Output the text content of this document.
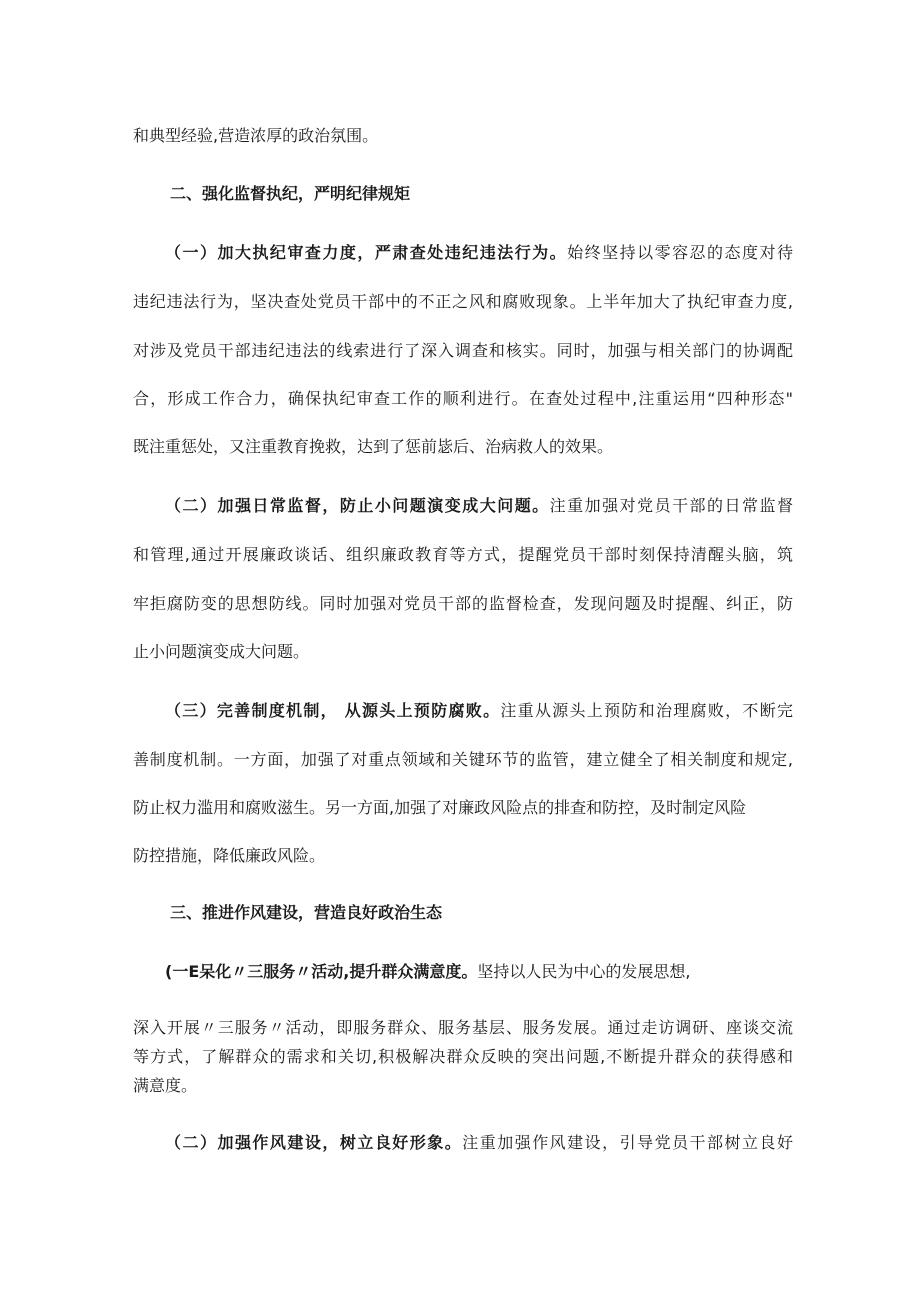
和典型经验,营造浓厚的政治氛围。
二、强化监督执纪，严明纪律规矩
（一）加大执纪审查力度，严肃查处违纪违法行为。始终坚持以零容忍的态度对待
违纪违法行为，坚决查处党员干部中的不正之风和腐败现象。上半年加大了执纪审查力度,
对涉及党员干部违纪违法的线索进行了深入调查和核实。同时，加强与相关部门的协调配
合，形成工作合力，确保执纪审查工作的顺利进行。在查处过程中,注重运用“四种形态"
既注重惩处，又注重教育挽救，达到了惩前毖后、治病救人的效果。
（二）加强日常监督，防止小问题演变成大问题。注重加强对党员干部的日常监督
和管理,通过开展廉政谈话、组织廉政教育等方式，提醒党员干部时刻保持清醒头脑，筑
牢拒腐防变的思想防线。同时加强对党员干部的监督检查，发现问题及时提醒、纠正，防
止小问题演变成大问题。
（三）完善制度机制， 从源头上预防腐败。注重从源头上预防和治理腐败，不断完
善制度机制。一方面，加强了对重点领域和关键环节的监管，建立健全了相关制度和规定,
防止权力滥用和腐败滋生。另一方面,加强了对廉政风险点的排查和防控，及时制定风险
防控措施，降低廉政风险。
三、推进作风建设，营造良好政治生态
(一E呆化〃三服务〃活动,提升群众满意度。坚持以人民为中心的发展思想,
深入开展〃三服务〃活动，即服务群众、服务基层、服务发展。通过走访调研、座谈交流
等方式，了解群众的需求和关切,积极解决群众反映的突出问题,不断提升群众的获得感和
满意度。
（二）加强作风建设，树立良好形象。注重加强作风建设，引导党员干部树立良好
